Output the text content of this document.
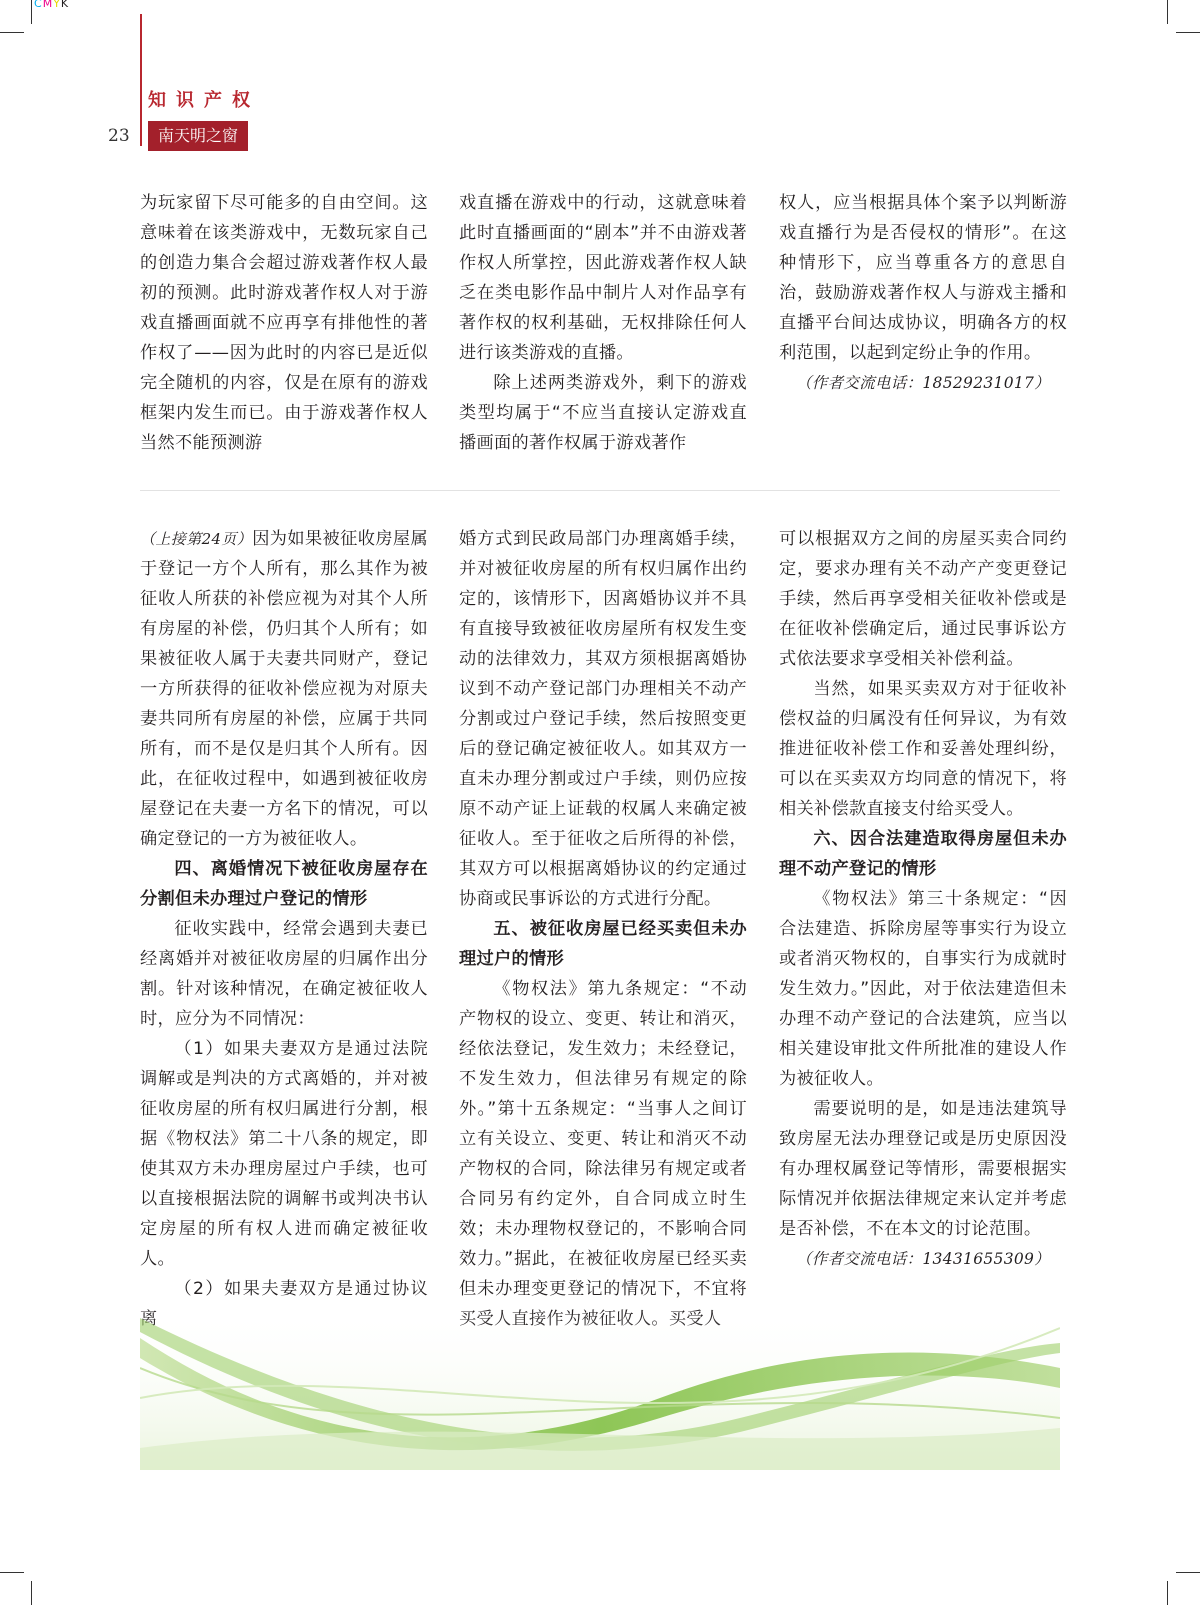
CMYK
知识产权
23	南天明之窗

为玩家留下尽可能多的自由空间。这意味着在该类游戏中，无数玩家自己的创造力集合会超过游戏著作权人最初的预测。此时游戏著作权人对于游戏直播画面就不应再享有排他性的著作权了——因为此时的内容已是近似完全随机的内容，仅是在原有的游戏框架内发生而已。由于游戏著作权人当然不能预测游

戏直播在游戏中的行动，这就意味着此时直播画面的“剧本”并不由游戏著作权人所掌控，因此游戏著作权人缺乏在类电影作品中制片人对作品享有著作权的权利基础，无权排除任何人进行该类游戏的直播。

除上述两类游戏外，剩下的游戏类型均属于“不应当直接认定游戏直播画面的著作权属于游戏著作

权人，应当根据具体个案予以判断游戏直播行为是否侵权的情形”。在这种情形下，应当尊重各方的意思自治，鼓励游戏著作权人与游戏主播和直播平台间达成协议，明确各方的权利范围，以起到定纷止争的作用。

（作者交流电话：18529231017）

（上接第24页）因为如果被征收房屋属于登记一方个人所有，那么其作为被征收人所获的补偿应视为对其个人所有房屋的补偿，仍归其个人所有；如果被征收人属于夫妻共同财产，登记一方所获得的征收补偿应视为对原夫妻共同所有房屋的补偿，应属于共同所有，而不是仅是归其个人所有。因此，在征收过程中，如遇到被征收房屋登记在夫妻一方名下的情况，可以确定登记的一方为被征收人。

四、离婚情况下被征收房屋存在分割但未办理过户登记的情形

征收实践中，经常会遇到夫妻已经离婚并对被征收房屋的归属作出分割。针对该种情况，在确定被征收人时，应分为不同情况：

（1）如果夫妻双方是通过法院调解或是判决的方式离婚的，并对被征收房屋的所有权归属进行分割，根据《物权法》第二十八条的规定，即使其双方未办理房屋过户手续，也可以直接根据法院的调解书或判决书认定房屋的所有权人进而确定被征收人。

（2）如果夫妻双方是通过协议

婚方式到民政局部门办理离婚手续，并对被征收房屋的所有权归属作出约定的，该情形下，因离婚协议并不具有直接导致被征收房屋所有权发生变动的法律效力，其双方须根据离婚协议到不动产登记部门办理相关不动产分割或过户登记手续，然后按照变更后的登记确定被征收人。如其双方一直未办理分割或过户手续，则仍应按原不动产证上证载的权属人来确定被征收人。至于征收之后所得的补偿，其双方可以根据离婚协议的约定通过协商或民事诉讼的方式进行分配。

五、被征收房屋已经买卖但未办理过户的情形

《物权法》第九条规定：“不动产物权的设立、变更、转让和消灭，经依法登记，发生效力；未经登记，不发生效力，但法律另有规定的除外。”第十五条规定：“当事人之间订立有关设立、变更、转让和消灭不动产物权的合同，除法律另有规定或者合同另有约定外，自合同成立时生效；未办理物权登记的，不影响合同效力。”据此，在被征收房屋已经买卖但未办理变更登记的情况下，不宜将

可以根据双方之间的房屋买卖合同约定，要求办理有关不动产产变更登记手续，然后再享受相关征收补偿或是在征收补偿确定后，通过民事诉讼方式依法要求享受相关补偿利益。

当然，如果买卖双方对于征收补偿权益的归属没有任何异议，为有效推进征收补偿工作和妥善处理纠纷，可以在买卖双方均同意的情况下，将相关补偿款直接支付给买受人。

六、因合法建造取得房屋但未办理不动产登记的情形

《物权法》第三十条规定：“因合法建造、拆除房屋等事实行为设立或者消灭物权的，自事实行为成就时发生效力。”因此，对于依法建造但未办理不动产登记的合法建筑，应当以相关建设审批文件所批准的建设人作为被征收人。

需要说明的是，如是违法建筑导致房屋无法办理登记或是历史原因没有办理权属登记等情形，需要根据实际情况并依据法律规定来认定并考虑是否补偿，不在本文的讨论范围。

（作者交流电话：13431655309）
